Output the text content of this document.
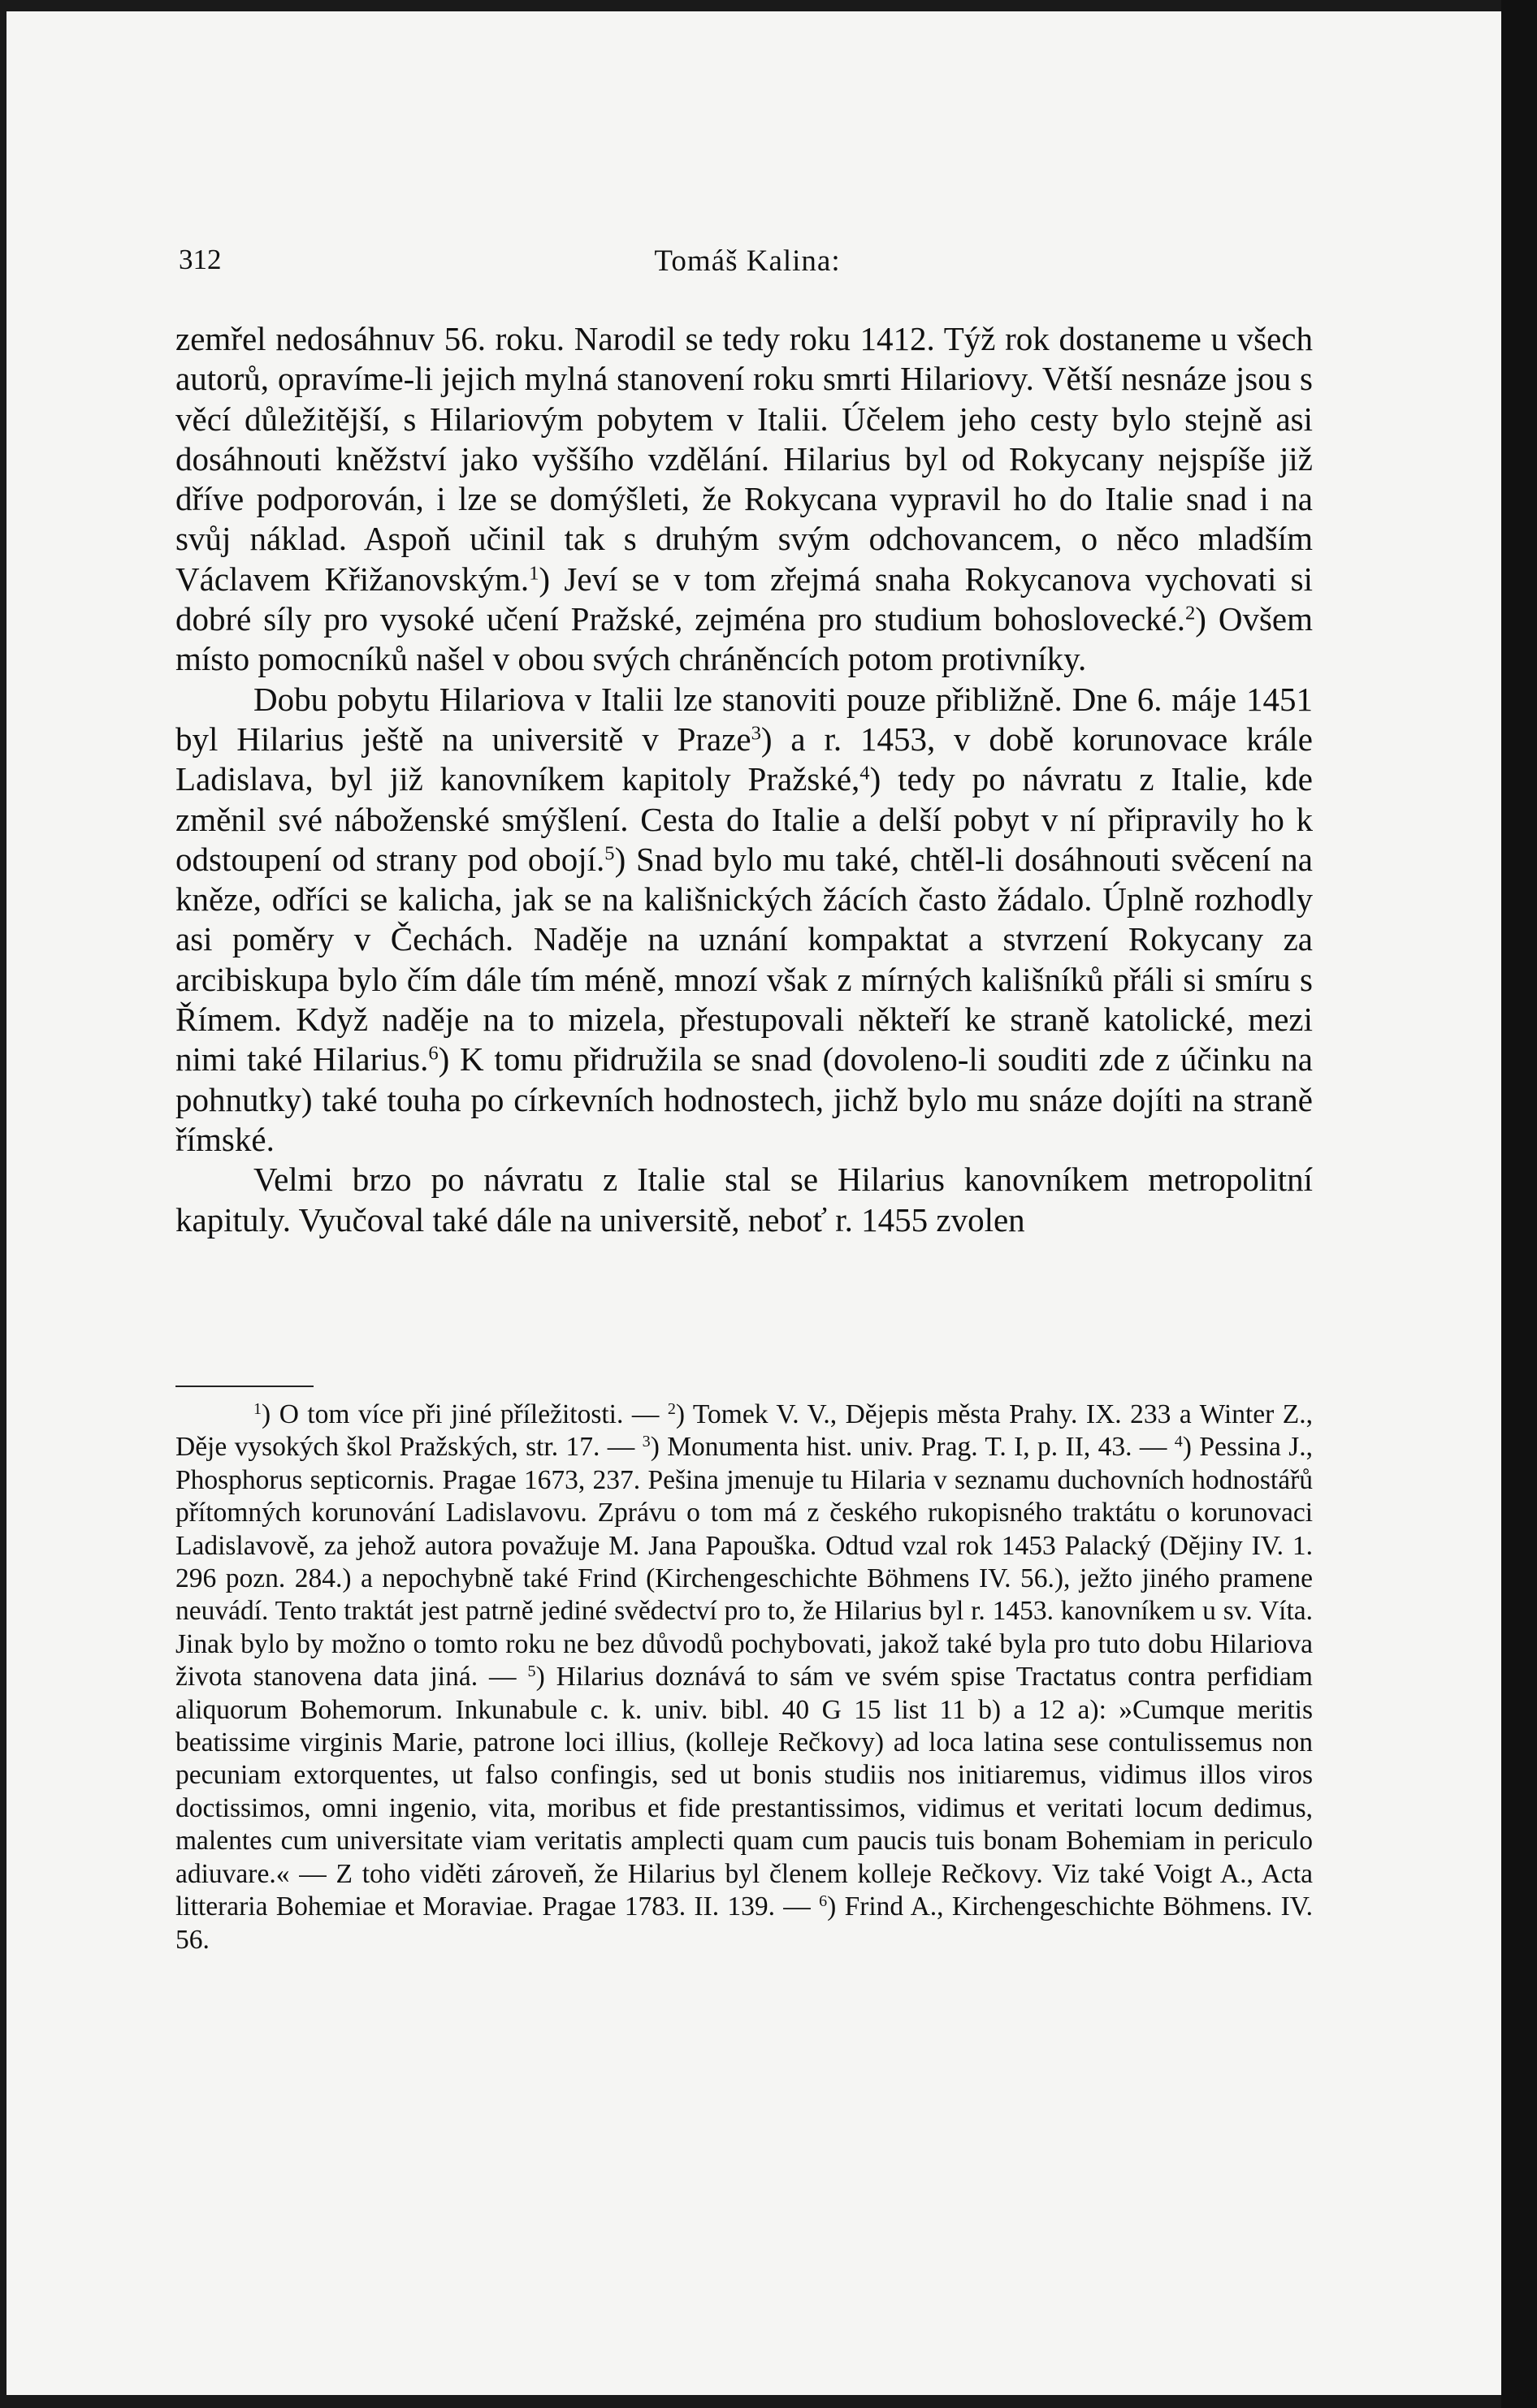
Tomáš Kalina:
312

zemřel nedosáhnuv 56. roku. Narodil se tedy roku 1412. Týž rok dostaneme u všech autorů, opravíme-li jejich mylná stanovení roku smrti Hilariovy. Větší nesnáze jsou s věcí důležitější, s Hilariovým pobytem v Italii. Účelem jeho cesty bylo stejně asi dosáhnouti kněžství jako vyššího vzdělání. Hilarius byl od Rokycany nejspíše již dříve podporován, i lze se domýšleti, že Rokycana vypravil ho do Italie snad i na svůj náklad. Aspoň učinil tak s druhým svým odchovancem, o něco mladším Václavem Křižanovským.$^1$) Jeví se v tom zřejmá snaha Rokycanova vychovati si dobré síly pro vysoké učení Pražské, zejména pro studium bohoslovecké.$^2$) Ovšem místo pomocníků našel v obou svých chráněncích potom protivníky.

Dobu pobytu Hilariova v Italii lze stanoviti pouze přibližně. Dne 6. máje 1451 byl Hilarius ještě na universitě v Praze$^3$) a r. 1453, v době korunovace krále Ladislava, byl již kanovníkem kapitoly Pražské,$^4$) tedy po návratu z Italie, kde změnil své náboženské smýšlení. Cesta do Italie a delší pobyt v ní připravily ho k odstoupení od strany pod obojí.$^5$) Snad bylo mu také, chtěl-li dosáhnouti svěcení na kněze, odříci se kalicha, jak se na kališnických žácích často žádalo. Úplně rozhodly asi poměry v Čechách. Naděje na uznání kompaktat a stvrzení Rokycany za arcibiskupa bylo čím dále tím méně, mnozí však z mírných kališníků přáli si smíru s Římem. Když naděje na to mizela, přestupovali někteří ke straně katolické, mezi nimi také Hilarius.$^6$) K tomu přidružila se snad (dovoleno-li souditi zde z účinku na pohnutky) také touha po církevních hodnostech, jichž bylo mu snáze dojíti na straně římské.

Velmi brzo po návratu z Italie stal se Hilarius kanovníkem metropolitní kapituly. Vyučoval také dále na universitě, neboť r. 1455 zvolen

$^1$) O tom více při jiné příležitosti. — $^2$) Tomek V. V., Dějepis města Prahy. IX. 233 a Winter Z., Děje vysokých škol Pražských, str. 17. — $^3$) Monumenta hist. univ. Prag. T. I, p. II, 43. — $^4$) Pessina J., Phosphorus septicornis. Pragae 1673, 237. Pešina jmenuje tu Hilaria v seznamu duchovních hodnostářů přítomných korunování Ladislavovu. Zprávu o tom má z českého rukopisného traktátu o korunovaci Ladislavově, za jehož autora považuje M. Jana Papouška. Odtud vzal rok 1453 Palacký (Dějiny IV. 1. 296 pozn. 284.) a nepochybně také Frind (Kirchengeschichte Böhmens IV. 56.), ježto jiného pramene neuvádí. Tento traktát jest patrně jediné svědectví pro to, že Hilarius byl r. 1453. kanovníkem u sv. Víta. Jinak bylo by možno o tomto roku ne bez důvodů pochybovati, jakož také byla pro tuto dobu Hilariova života stanovena data jiná. — $^5$) Hilarius doznává to sám ve svém spise Tractatus contra perfidiam aliquorum Bohemorum. Inkunabule c. k. univ. bibl. 40 G 15 list 11 b) a 12 a): »Cumque meritis beatissime virginis Marie, patrone loci illius, (kolleje Rečkovy) ad loca latina sese contulissemus non pecuniam extorquentes, ut falso confingis, sed ut bonis studiis nos initiaremus, vidimus illos viros doctissimos, omni ingenio, vita, moribus et fide prestantissimos, vidimus et veritati locum dedimus, malentes cum universitate viam veritatis amplecti quam cum paucis tuis bonam Bohemiam in periculo adiuvare.« — Z toho viděti zároveň, že Hilarius byl členem kolleje Rečkovy. Viz také Voigt A., Acta litteraria Bohemiae et Moraviae. Pragae 1783. II. 139. — $^6$) Frind A., Kirchengeschichte Böhmens. IV. 56.
